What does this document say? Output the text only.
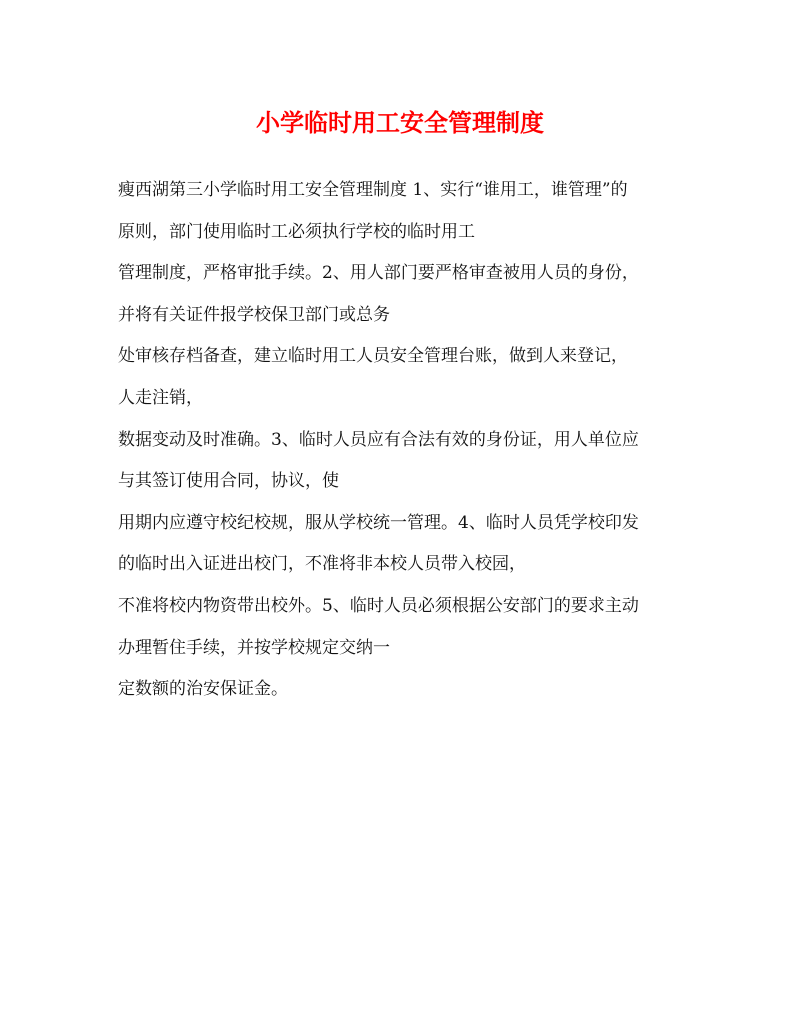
小学临时用工安全管理制度

瘦西湖第三小学临时用工安全管理制度 1、实行“谁用工，谁管理”的

原则，部门使用临时工必须执行学校的临时用工

管理制度，严格审批手续。2、用人部门要严格审查被用人员的身份，

并将有关证件报学校保卫部门或总务

处审核存档备查，建立临时用工人员安全管理台账，做到人来登记，

人走注销，

数据变动及时准确。3、临时人员应有合法有效的身份证，用人单位应

与其签订使用合同，协议，使

用期内应遵守校纪校规，服从学校统一管理。4、临时人员凭学校印发

的临时出入证进出校门，不准将非本校人员带入校园，

不准将校内物资带出校外。5、临时人员必须根据公安部门的要求主动

办理暂住手续，并按学校规定交纳一

定数额的治安保证金。
